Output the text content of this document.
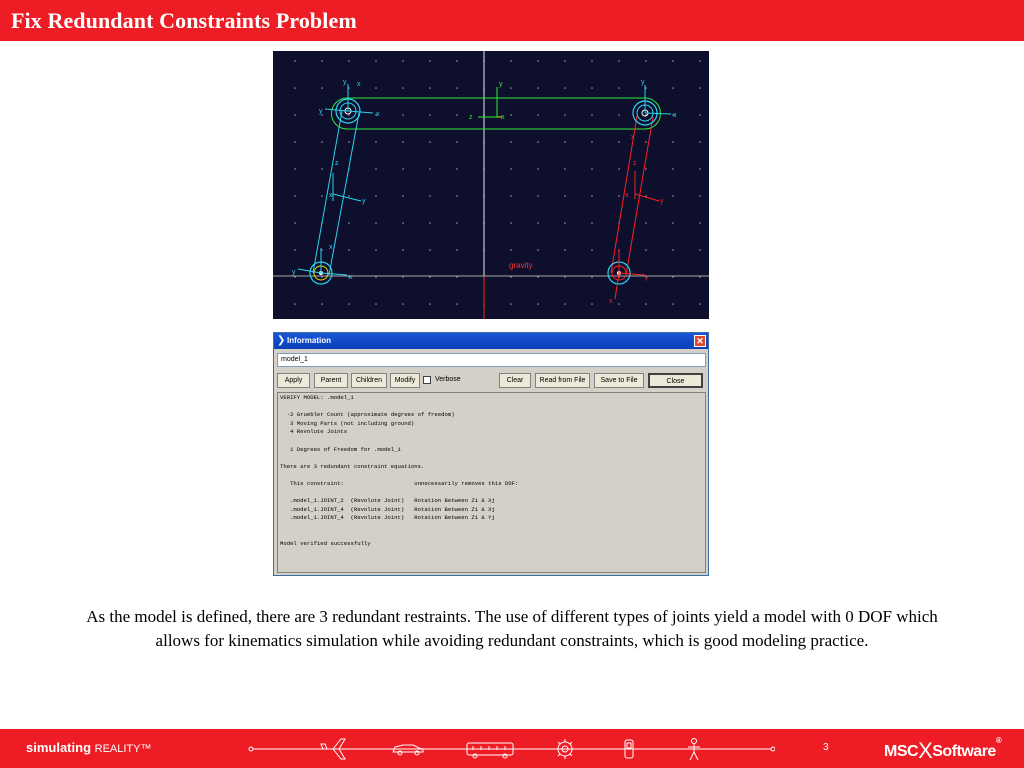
Fix Redundant Constraints Problem
gravity
y
z	x
z
y
x
y x
x
y
x
x
y
z
y
x
y
x
x
y
x
❯ Information	✕
model_1
Apply	Parent	Children	Modify	Verbose	Clear	Read from File	Save to File	Close
VERIFY MODEL: .model_1
-2 Gruebler Count (approximate degrees of freedom)
3 Moving Parts (not including ground)
4 Revolute Joints
1 Degrees of Freedom for .model_1
There are 3 redundant constraint equations.
This constraint:                     unnecessarily removes this DOF:
.model_1.JOINT_2  (Revolute Joint)   Rotation Between Zi & Xj
.model_1.JOINT_4  (Revolute Joint)   Rotation Between Zi & Xj
.model_1.JOINT_4  (Revolute Joint)   Rotation Between Zi & Yj
Model verified successfully
As the model is defined, there are 3 redundant restraints. The use of different types of joints yield a model with 0 DOF which allows for kinematics simulation while avoiding redundant constraints, which is good modeling practice.
simulating REALITY™	3	MSCXSoftware®
